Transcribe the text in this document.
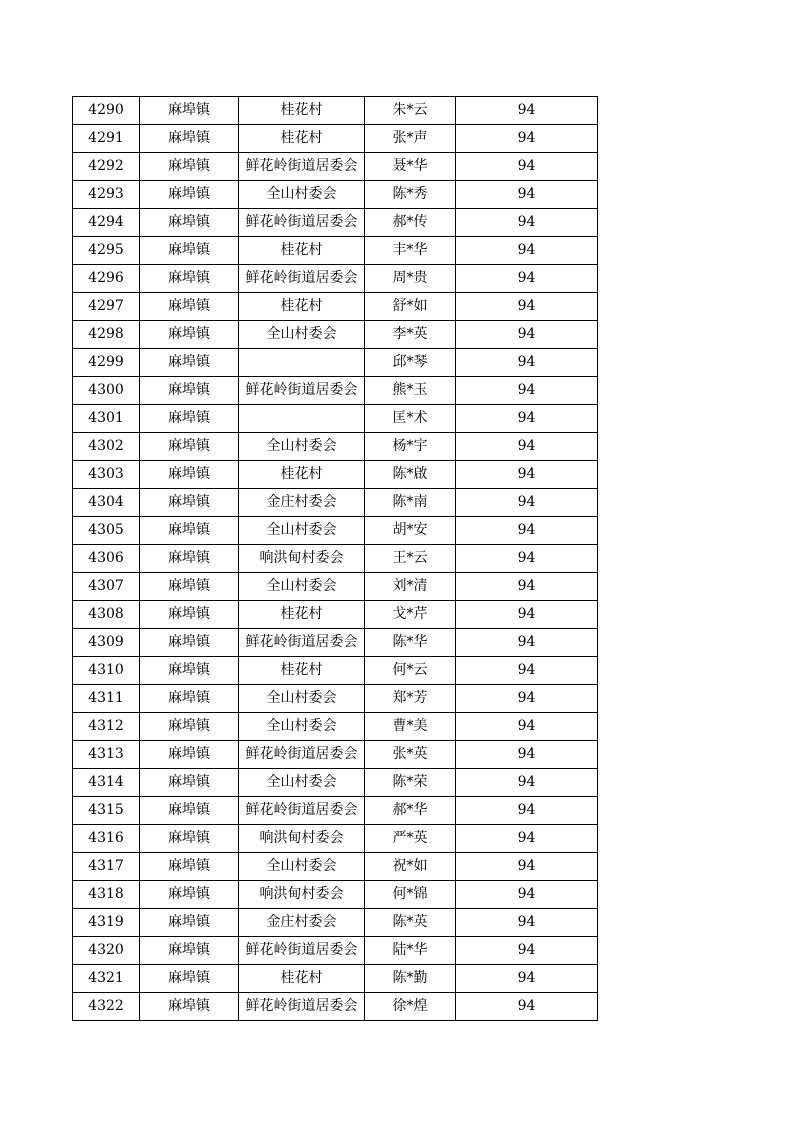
4290	麻埠镇	桂花村	朱*云	94
4291	麻埠镇	桂花村	张*声	94
4292	麻埠镇	鲜花岭街道居委会	聂*华	94
4293	麻埠镇	全山村委会	陈*秀	94
4294	麻埠镇	鲜花岭街道居委会	郝*传	94
4295	麻埠镇	桂花村	丰*华	94
4296	麻埠镇	鲜花岭街道居委会	周*贵	94
4297	麻埠镇	桂花村	舒*如	94
4298	麻埠镇	全山村委会	李*英	94
4299	麻埠镇		邱*琴	94
4300	麻埠镇	鲜花岭街道居委会	熊*玉	94
4301	麻埠镇		匡*术	94
4302	麻埠镇	全山村委会	杨*宇	94
4303	麻埠镇	桂花村	陈*啟	94
4304	麻埠镇	金庄村委会	陈*南	94
4305	麻埠镇	全山村委会	胡*安	94
4306	麻埠镇	响洪甸村委会	王*云	94
4307	麻埠镇	全山村委会	刘*清	94
4308	麻埠镇	桂花村	戈*芹	94
4309	麻埠镇	鲜花岭街道居委会	陈*华	94
4310	麻埠镇	桂花村	何*云	94
4311	麻埠镇	全山村委会	郑*芳	94
4312	麻埠镇	全山村委会	曹*美	94
4313	麻埠镇	鲜花岭街道居委会	张*英	94
4314	麻埠镇	全山村委会	陈*荣	94
4315	麻埠镇	鲜花岭街道居委会	郝*华	94
4316	麻埠镇	响洪甸村委会	严*英	94
4317	麻埠镇	全山村委会	祝*如	94
4318	麻埠镇	响洪甸村委会	何*锦	94
4319	麻埠镇	金庄村委会	陈*英	94
4320	麻埠镇	鲜花岭街道居委会	陆*华	94
4321	麻埠镇	桂花村	陈*勤	94
4322	麻埠镇	鲜花岭街道居委会	徐*煌	94
